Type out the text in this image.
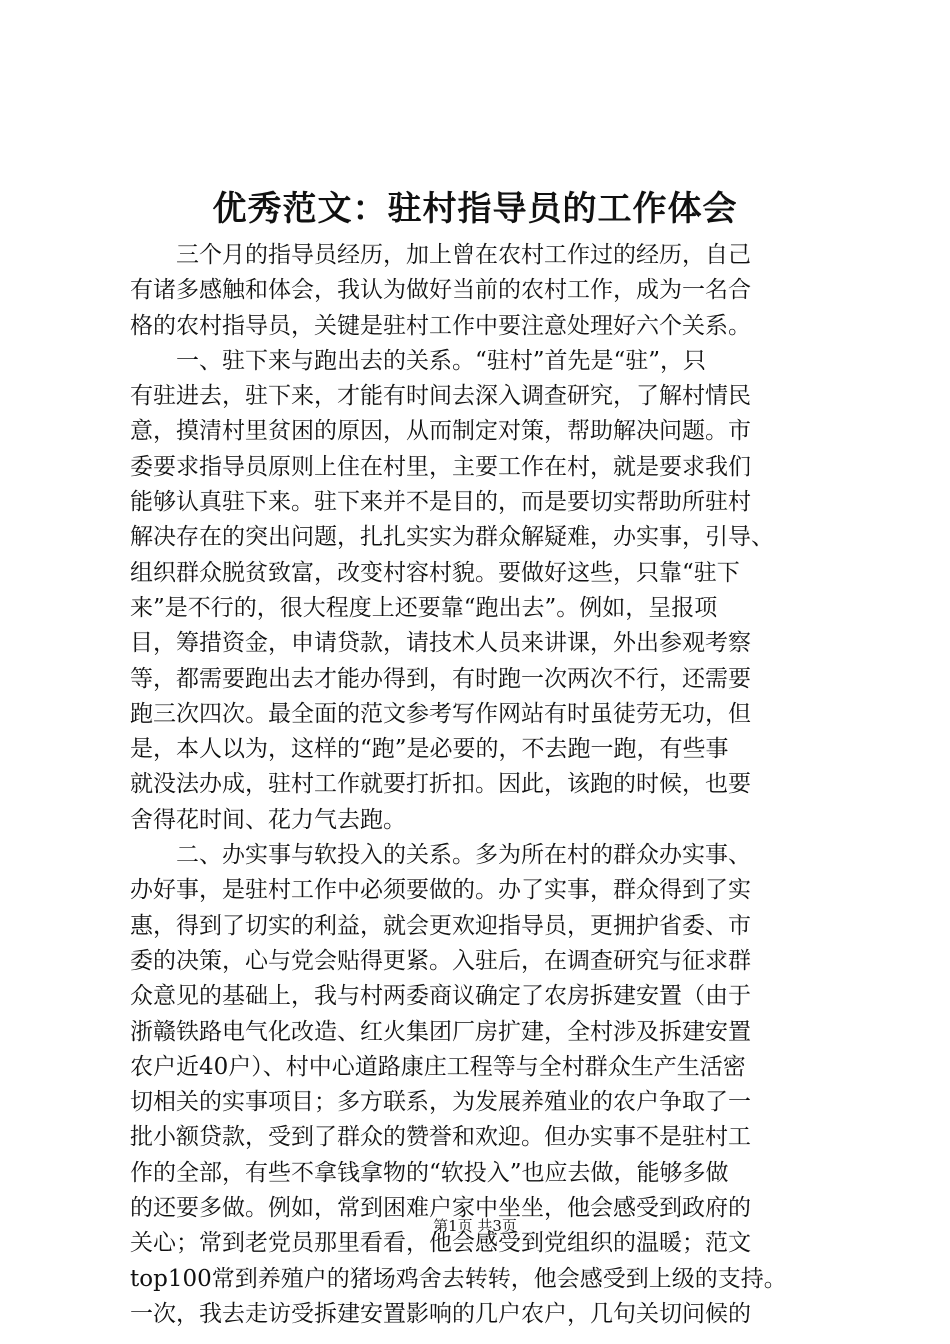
优秀范文：驻村指导员的工作体会
三个月的指导员经历，加上曾在农村工作过的经历，自己
有诸多感触和体会，我认为做好当前的农村工作，成为一名合
格的农村指导员，关键是驻村工作中要注意处理好六个关系。
一、驻下来与跑出去的关系。“驻村”首先是“驻”，只
有驻进去，驻下来，才能有时间去深入调查研究，了解村情民
意，摸清村里贫困的原因，从而制定对策，帮助解决问题。市
委要求指导员原则上住在村里，主要工作在村，就是要求我们
能够认真驻下来。驻下来并不是目的，而是要切实帮助所驻村
解决存在的突出问题，扎扎实实为群众解疑难，办实事，引导、
组织群众脱贫致富，改变村容村貌。要做好这些，只靠“驻下
来”是不行的，很大程度上还要靠“跑出去”。例如，呈报项
目，筹措资金，申请贷款，请技术人员来讲课，外出参观考察
等，都需要跑出去才能办得到，有时跑一次两次不行，还需要
跑三次四次。最全面的范文参考写作网站有时虽徒劳无功，但
是，本人以为，这样的“跑”是必要的，不去跑一跑，有些事
就没法办成，驻村工作就要打折扣。因此，该跑的时候，也要
舍得花时间、花力气去跑。
二、办实事与软投入的关系。多为所在村的群众办实事、
办好事，是驻村工作中必须要做的。办了实事，群众得到了实
惠，得到了切实的利益，就会更欢迎指导员，更拥护省委、市
委的决策，心与党会贴得更紧。入驻后，在调查研究与征求群
众意见的基础上，我与村两委商议确定了农房拆建安置（由于
浙赣铁路电气化改造、红火集团厂房扩建，全村涉及拆建安置
农户近40户）、村中心道路康庄工程等与全村群众生产生活密
切相关的实事项目；多方联系，为发展养殖业的农户争取了一
批小额贷款，受到了群众的赞誉和欢迎。但办实事不是驻村工
作的全部，有些不拿钱拿物的“软投入”也应去做，能够多做
的还要多做。例如，常到困难户家中坐坐，他会感受到政府的
关心；常到老党员那里看看，他会感受到党组织的温暖；范文
top100常到养殖户的猪场鸡舍去转转，他会感受到上级的支持。
一次，我去走访受拆建安置影响的几户农户，几句关切问候的
第1页 共3页
